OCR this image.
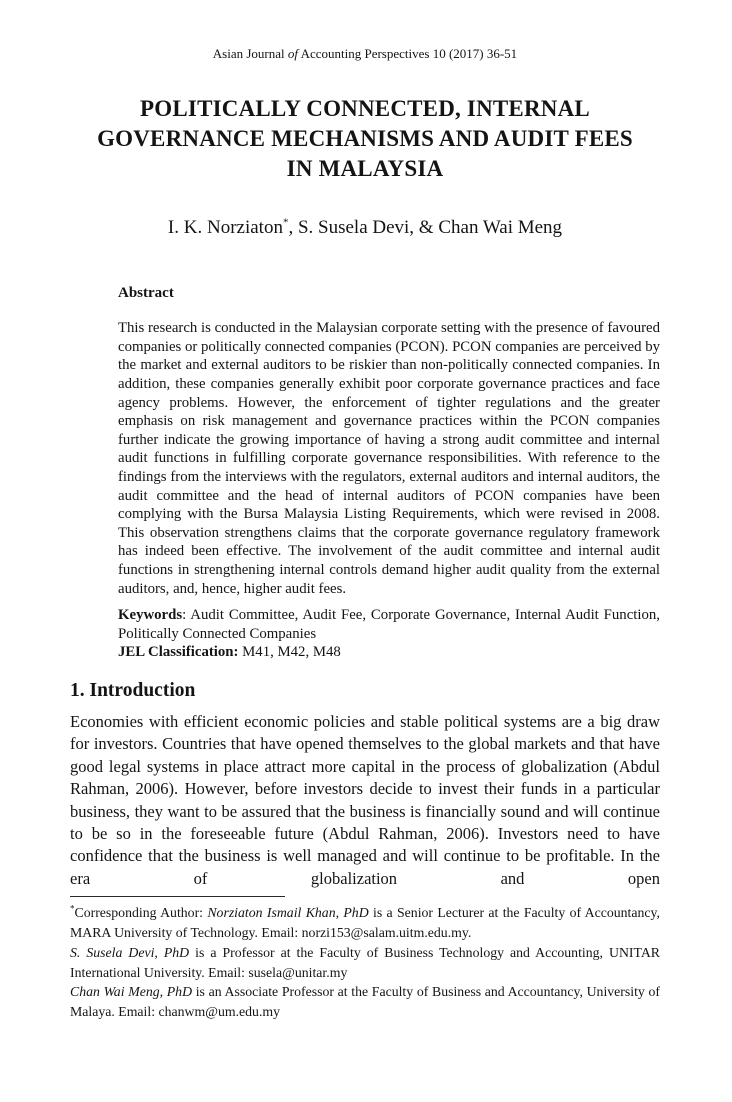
Asian Journal of Accounting Perspectives 10 (2017) 36-51
POLITICALLY CONNECTED, INTERNAL
GOVERNANCE MECHANISMS AND AUDIT FEES
IN MALAYSIA
I. K. Norziaton*, S. Susela Devi, & Chan Wai Meng
Abstract

This research is conducted in the Malaysian corporate setting with the presence of favoured companies or politically connected companies (PCON). PCON companies are perceived by the market and external auditors to be riskier than non-politically connected companies. In addition, these companies generally exhibit poor corporate governance practices and face agency problems. However, the enforcement of tighter regulations and the greater emphasis on risk management and governance practices within the PCON companies further indicate the growing importance of having a strong audit committee and internal audit functions in fulfilling corporate governance responsibilities. With reference to the findings from the interviews with the regulators, external auditors and internal auditors, the audit committee and the head of internal auditors of PCON companies have been complying with the Bursa Malaysia Listing Requirements, which were revised in 2008. This observation strengthens claims that the corporate governance regulatory framework has indeed been effective. The involvement of the audit committee and internal audit functions in strengthening internal controls demand higher audit quality from the external auditors, and, hence, higher audit fees.

Keywords: Audit Committee, Audit Fee, Corporate Governance, Internal Audit Function, Politically Connected Companies

JEL Classification: M41, M42, M48

1. Introduction

Economies with efficient economic policies and stable political systems are a big draw for investors. Countries that have opened themselves to the global markets and that have good legal systems in place attract more capital in the process of globalization (Abdul Rahman, 2006). However, before investors decide to invest their funds in a particular business, they want to be assured that the business is financially sound and will continue to be so in the foreseeable future (Abdul Rahman, 2006). Investors need to have confidence that the business is well managed and will continue to be profitable. In the era of globalization and open

*Corresponding Author: Norziaton Ismail Khan, PhD is a Senior Lecturer at the Faculty of Accountancy, MARA University of Technology. Email: norzi153@salam.uitm.edu.my.

S. Susela Devi, PhD is a Professor at the Faculty of Business Technology and Accounting, UNITAR International University. Email: susela@unitar.my

Chan Wai Meng, PhD is an Associate Professor at the Faculty of Business and Accountancy, University of Malaya. Email: chanwm@um.edu.my
